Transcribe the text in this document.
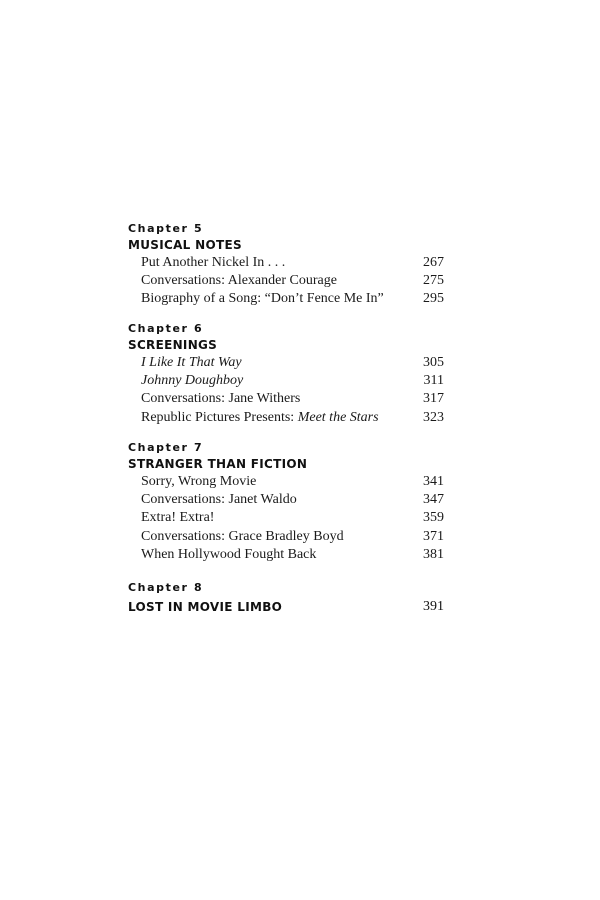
Chapter 5
MUSICAL NOTES
Put Another Nickel In . . .	267
Conversations: Alexander Courage	275
Biography of a Song: “Don’t Fence Me In”	295
Chapter 6
SCREENINGS
I Like It That Way	305
Johnny Doughboy	311
Conversations: Jane Withers	317
Republic Pictures Presents: Meet the Stars	323
Chapter 7
STRANGER THAN FICTION
Sorry, Wrong Movie	341
Conversations: Janet Waldo	347
Extra! Extra!	359
Conversations: Grace Bradley Boyd	371
When Hollywood Fought Back	381
Chapter 8
LOST IN MOVIE LIMBO	391
